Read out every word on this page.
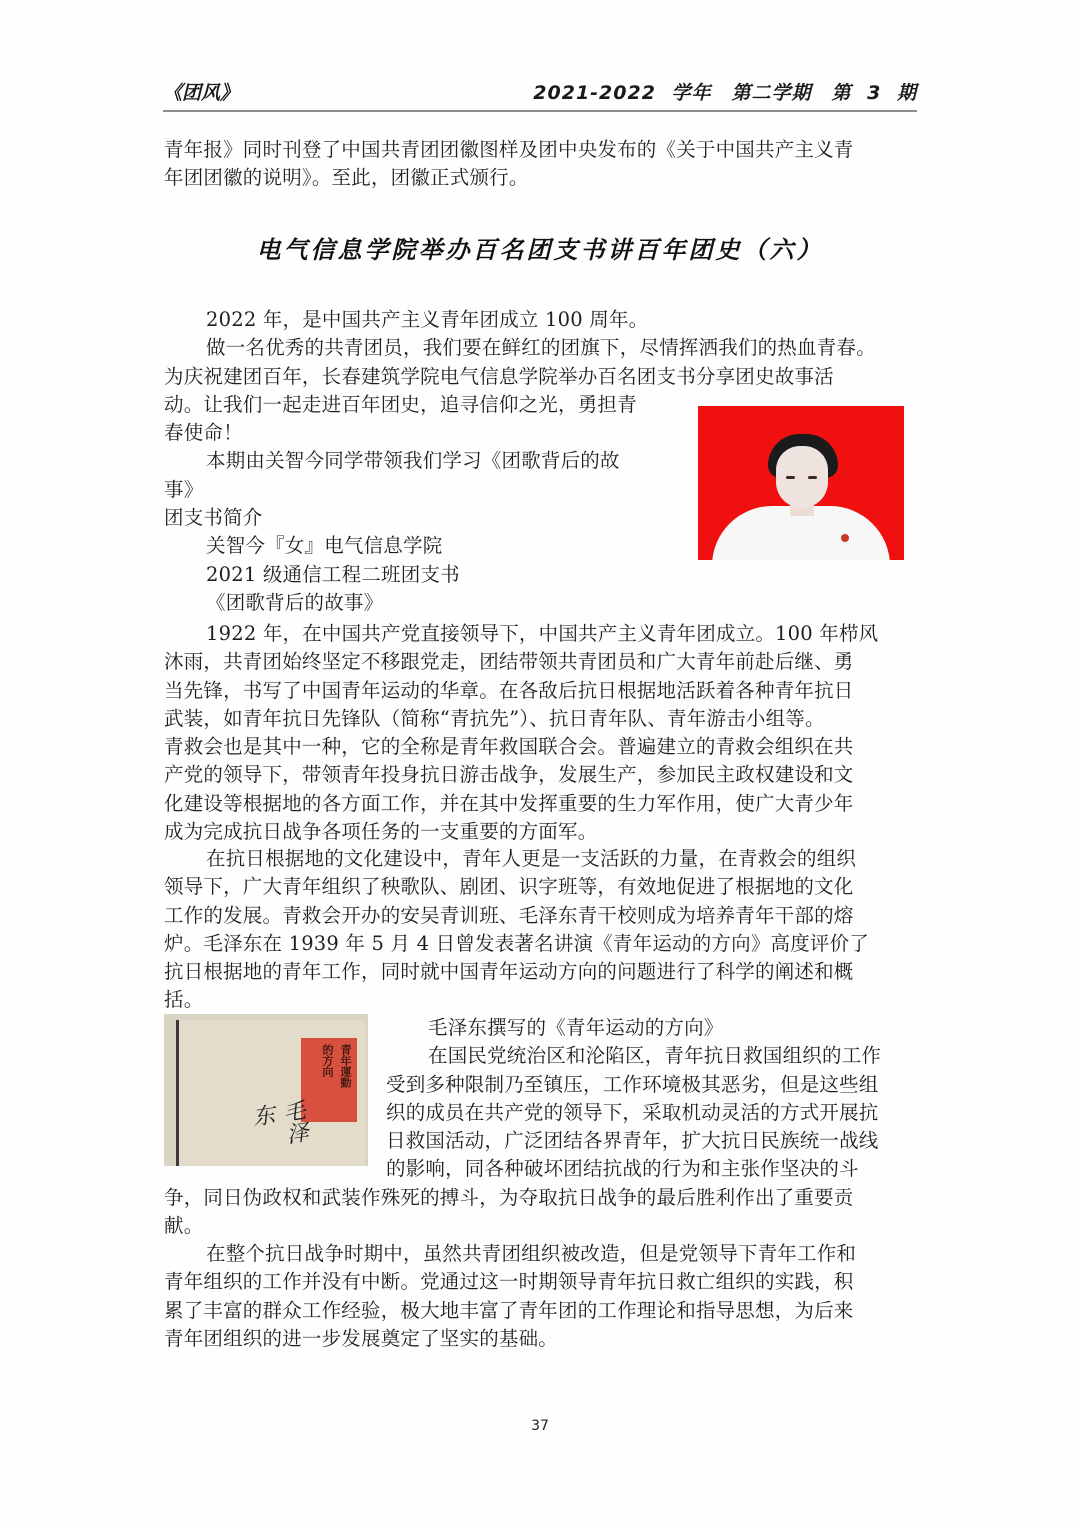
《团风》	2021-2022 学年　第二学期　第 3 期
青年报》同时刊登了中国共青团团徽图样及团中央发布的《关于中国共产主义青
年团团徽的说明》。至此，团徽正式颁行。
电气信息学院举办百名团支书讲百年团史（六）
2022 年，是中国共产主义青年团成立 100 周年。
做一名优秀的共青团员，我们要在鲜红的团旗下，尽情挥洒我们的热血青春。
为庆祝建团百年，长春建筑学院电气信息学院举办百名团支书分享团史故事活
动。让我们一起走进百年团史，追寻信仰之光，勇担青
春使命！
本期由关智今同学带领我们学习《团歌背后的故
事》
团支书简介
关智今『女』电气信息学院
2021 级通信工程二班团支书
《团歌背后的故事》
1922 年，在中国共产党直接领导下，中国共产主义青年团成立。100 年栉风
沐雨，共青团始终坚定不移跟党走，团结带领共青团员和广大青年前赴后继、勇
当先锋，书写了中国青年运动的华章。在各敌后抗日根据地活跃着各种青年抗日
武装，如青年抗日先锋队（简称“青抗先”）、抗日青年队、青年游击小组等。
青救会也是其中一种，它的全称是青年救国联合会。普遍建立的青救会组织在共
产党的领导下，带领青年投身抗日游击战争，发展生产，参加民主政权建设和文
化建设等根据地的各方面工作，并在其中发挥重要的生力军作用，使广大青少年
成为完成抗日战争各项任务的一支重要的方面军。
在抗日根据地的文化建设中，青年人更是一支活跃的力量，在青救会的组织
领导下，广大青年组织了秧歌队、剧团、识字班等，有效地促进了根据地的文化
工作的发展。青救会开办的安吴青训班、毛泽东青干校则成为培养青年干部的熔
炉。毛泽东在 1939 年 5 月 4 日曾发表著名讲演《青年运动的方向》高度评价了
抗日根据地的青年工作，同时就中国青年运动方向的问题进行了科学的阐述和概
括。
青年運動
的方向
毛泽东
毛泽东撰写的《青年运动的方向》
在国民党统治区和沦陷区，青年抗日救国组织的工作
受到多种限制乃至镇压，工作环境极其恶劣，但是这些组
织的成员在共产党的领导下，采取机动灵活的方式开展抗
日救国活动，广泛团结各界青年，扩大抗日民族统一战线
的影响，同各种破坏团结抗战的行为和主张作坚决的斗
争，同日伪政权和武装作殊死的搏斗，为夺取抗日战争的最后胜利作出了重要贡
献。
在整个抗日战争时期中，虽然共青团组织被改造，但是党领导下青年工作和
青年组织的工作并没有中断。党通过这一时期领导青年抗日救亡组织的实践，积
累了丰富的群众工作经验，极大地丰富了青年团的工作理论和指导思想，为后来
青年团组织的进一步发展奠定了坚实的基础。
37
